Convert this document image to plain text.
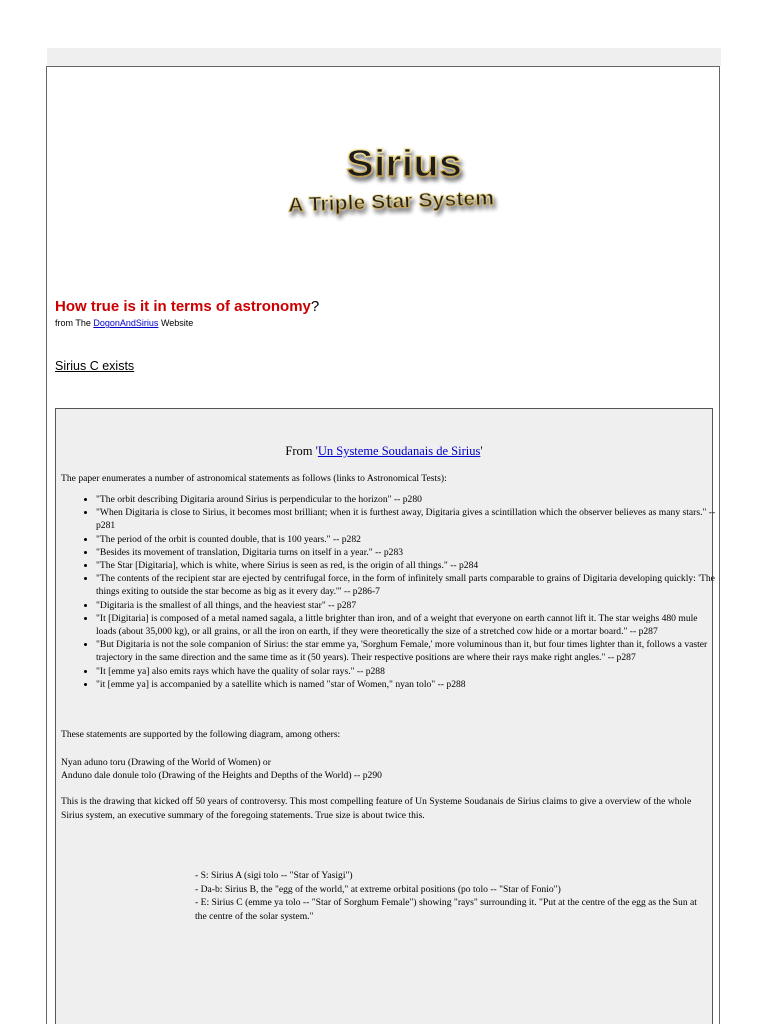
Sirius
A Triple Star System
How true is it in terms of astronomy?
from The DogonAndSirius Website
Sirius C exists
From 'Un Systeme Soudanais de Sirius'
The paper enumerates a number of astronomical statements as follows (links to Astronomical Tests):
• "The orbit describing Digitaria around Sirius is perpendicular to the horizon" -- p280
• "When Digitaria is close to Sirius, it becomes most brilliant; when it is furthest away, Digitaria gives a scintillation which the observer believes as many stars." -- p281
• "The period of the orbit is counted double, that is 100 years." -- p282
• "Besides its movement of translation, Digitaria turns on itself in a year." -- p283
• "The Star [Digitaria], which is white, where Sirius is seen as red, is the origin of all things." -- p284
• "The contents of the recipient star are ejected by centrifugal force, in the form of infinitely small parts comparable to grains of Digitaria developing quickly: 'The things exiting to outside the star become as big as it every day.'" -- p286-7
• "Digitaria is the smallest of all things, and the heaviest star" -- p287
• "It [Digitaria] is composed of a metal named sagala, a little brighter than iron, and of a weight that everyone on earth cannot lift it. The star weighs 480 mule loads (about 35,000 kg), or all grains, or all the iron on earth, if they were theoretically the size of a stretched cow hide or a mortar board." -- p287
• "But Digitaria is not the sole companion of Sirius: the star emme ya, 'Sorghum Female,' more voluminous than it, but four times lighter than it, follows a vaster trajectory in the same direction and the same time as it (50 years). Their respective positions are where their rays make right angles." -- p287
• "It [emme ya] also emits rays which have the quality of solar rays." -- p288
• "it [emme ya] is accompanied by a satellite which is named "star of Women," nyan tolo" -- p288
These statements are supported by the following diagram, among others:
Nyan aduno toru (Drawing of the World of Women) or
Anduno dale donule tolo (Drawing of the Heights and Depths of the World) -- p290
This is the drawing that kicked off 50 years of controversy. This most compelling feature of Un Systeme Soudanais de Sirius claims to give a overview of the whole Sirius system, an executive summary of the foregoing statements. True size is about twice this.
- S: Sirius A (sigi tolo -- "Star of Yasigi")
- Da-b: Sirius B, the "egg of the world," at extreme orbital positions (po tolo -- "Star of Fonio")
- E: Sirius C (emme ya tolo -- "Star of Sorghum Female") showing "rays" surrounding it. "Put at the centre of the egg as the Sun at the centre of the solar system."
